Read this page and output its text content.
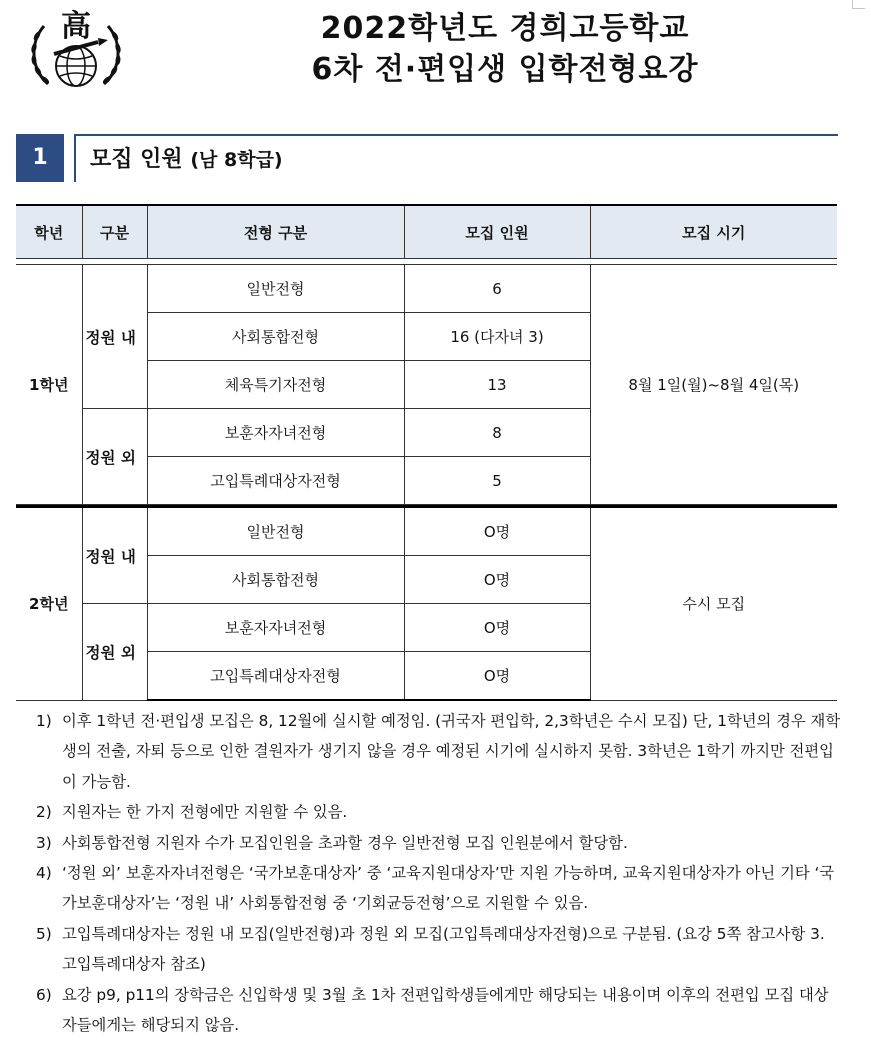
高	2022학년도 경희고등학교
6차 전·편입생 입학전형요강
1	모집 인원 (남 8학급)
학년	구분	전형 구분	모집 인원	모집 시기

1학년	정원 내	일반전형	6	8월 1일(월)~8월 4일(목)
		사회통합전형	16 (다자녀 3)	
		체육특기자전형	13	
	정원 외	보훈자자녀전형	8	
		고입특례대상자전형	5	

2학년	정원 내	일반전형	O명	수시 모집
		사회통합전형	O명	
	정원 외	보훈자자녀전형	O명	
		고입특례대상자전형	O명	

1) 이후 1학년 전·편입생 모집은 8, 12월에 실시할 예정임. (귀국자 편입학, 2,3학년은 수시 모집) 단, 1학년의 경우 재학생의 전출, 자퇴 등으로 인한 결원자가 생기지 않을 경우 예정된 시기에 실시하지 못함. 3학년은 1학기 까지만 전편입이 가능함.

2) 지원자는 한 가지 전형에만 지원할 수 있음.

3) 사회통합전형 지원자 수가 모집인원을 초과할 경우 일반전형 모집 인원분에서 할당함.

4) ‘정원 외’ 보훈자자녀전형은 ‘국가보훈대상자’ 중 ‘교육지원대상자’만 지원 가능하며, 교육지원대상자가 아닌 기타 ‘국가보훈대상자’는 ‘정원 내’ 사회통합전형 중 ‘기회균등전형’으로 지원할 수 있음.

5) 고입특례대상자는 정원 내 모집(일반전형)과 정원 외 모집(고입특례대상자전형)으로 구분됨. (요강 5쪽 참고사항 3. 고입특례대상자 참조)

6) 요강 p9, p11의 장학금은 신입학생 및 3월 초 1차 전편입학생들에게만 해당되는 내용이며 이후의 전편입 모집 대상자들에게는 해당되지 않음.
